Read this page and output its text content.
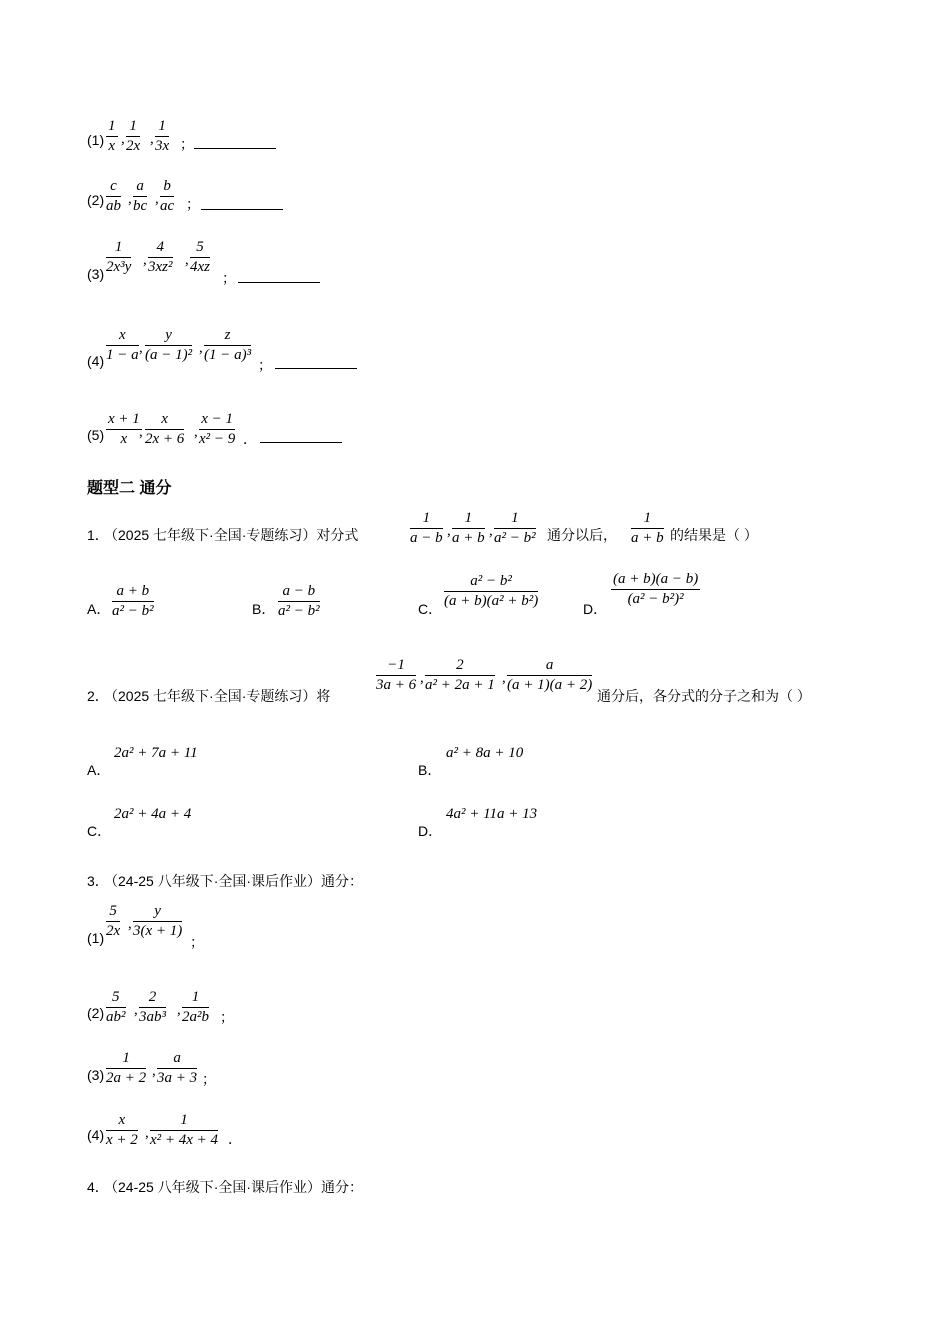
$(1) \frac{1}{x}$ , $\frac{1}{2x}$ , $\frac{1}{3x}$ ；
$(2) \frac{c}{ab}$ , $\frac{a}{bc}$ , $\frac{b}{ac}$ ；
$(3) \frac{1}{\text{2x³y}}$ , $\frac{4}{\text{3xz²}}$ , $\frac{5}{4xz}$
；
$(4) \frac{x}{1 - a}$ , $\frac{y}{\text{(a − 1)²}}$ , $\frac{z}{\text{(1 − a)³}}$
；
$(5) \frac{x + 1}{x}$
, $\frac{x}{2x + 6}$ , $\frac{x - 1}{\text{x² − 9}}$ ．
题型二 通分
1．
（2025 七年级下·全国·专题练习）对分式	$\frac{1}{a - b}$ , $\frac{1}{a + b}$ , $\frac{1}{\text{a² − b²}}$ 通分以后， $\frac{1}{a + b}$ 的结果是（ ）
A． $\frac{a + b}{\text{a² − b²}}$	B． $\frac{a - b}{\text{a² − b²}}$	C． $\frac{\text{a² − b²}}{\text{(a + b)(a² + b²)}}$	D．
$\frac{(a + b)(a - b)}{\text{(a² − b²)²}}$
2．
（2025 七年级下·全国·专题练习）将
$\frac{-1}{3a + 6}$ , $\frac{2}{\text{a² + 2a + 1}}$ , $\frac{a}{(a + 1)(a + 2)}$
通分后，各分式的分子之和为（ ）
A．
2a² + 7a + 11
B．
a² + 8a + 10
C．
2a² + 4a + 4
D．
4a² + 11a + 13
3．
（24-25 八年级下·全国·课后作业）通分：
$(1) \frac{5}{2x}$ , $\frac{y}{3(x + 1)}$
；
$(2) \frac{5}{\text{ab²}}$ , $\frac{2}{\text{3ab³}}$ , $\frac{1}{\text{2a²b}}$ ；
$(3) \frac{1}{2a + 2}$ , $\frac{a}{3a + 3}$ ；
$(4) \frac{x}{x + 2}$ , $\frac{1}{\text{x² + 4x + 4}}$ ．
4．
（24-25 八年级下·全国·课后作业）通分：
